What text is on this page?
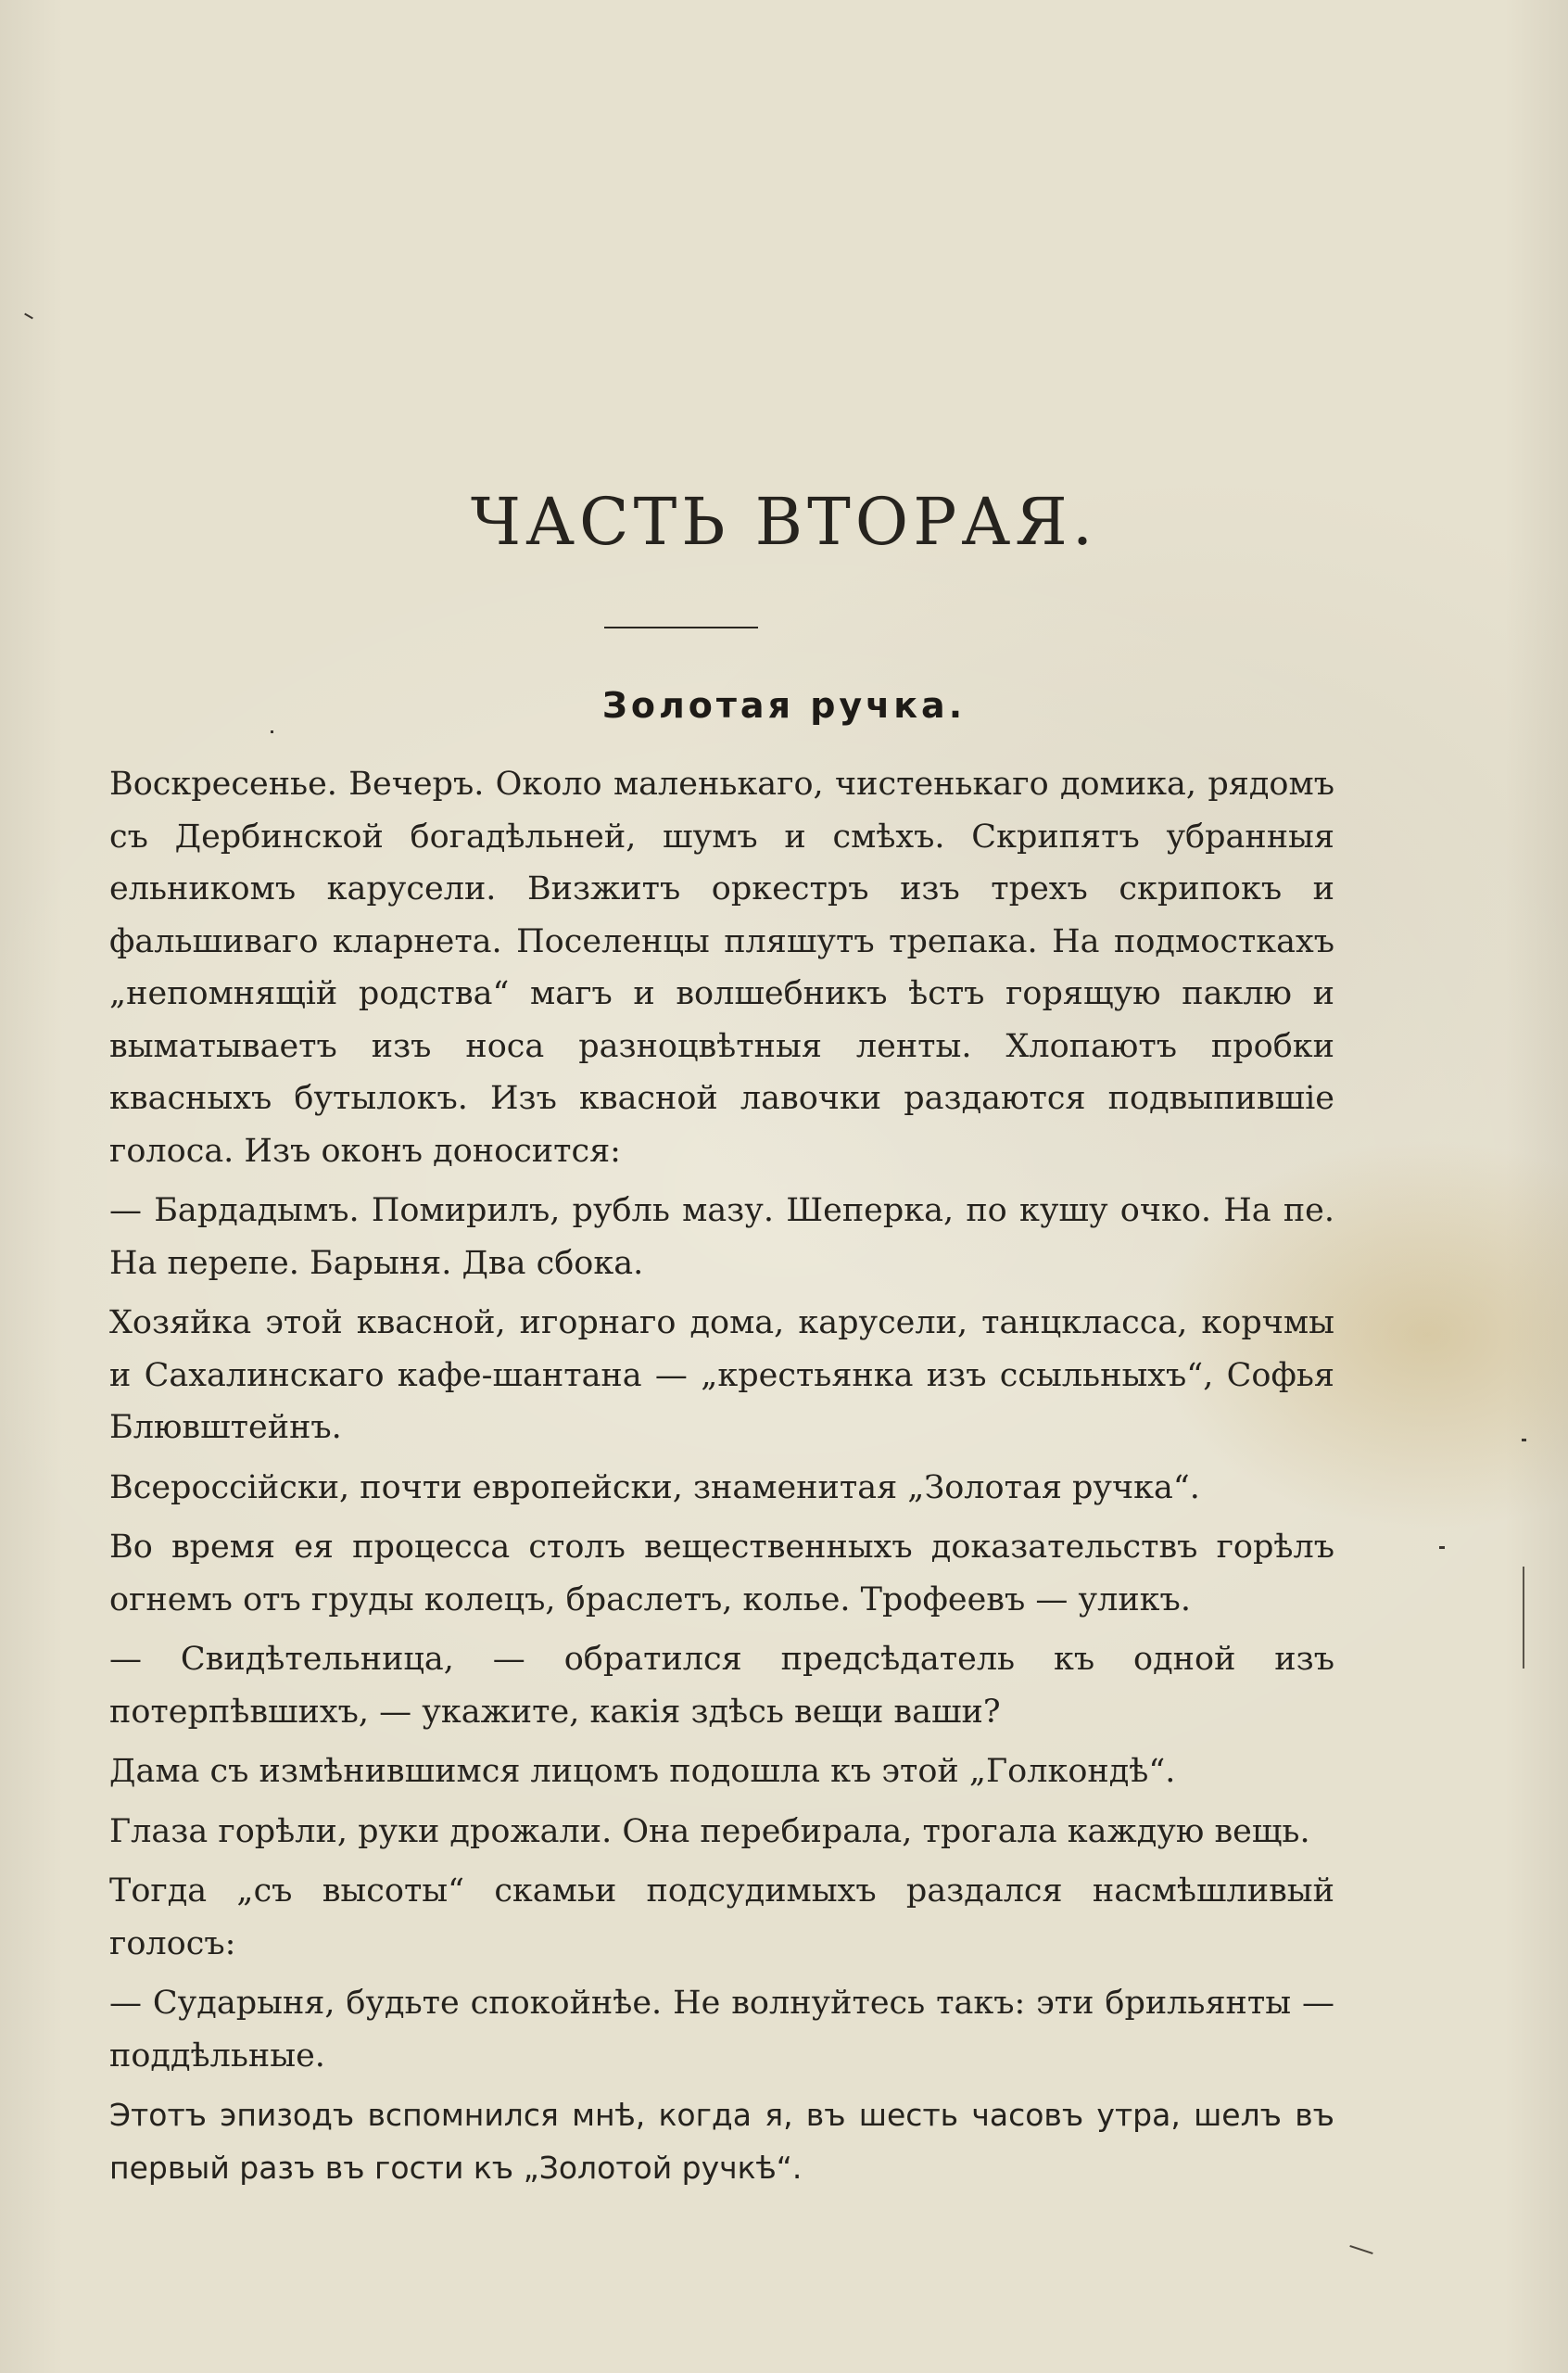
ЧАСТЬ ВТОРАЯ.
Золотая ручка.

Воскресенье. Вечеръ. Около маленькаго, чистенькаго домика, рядомъ съ Дербинской богадѣльней, шумъ и смѣхъ. Скрипятъ убранныя ельникомъ карусели. Визжитъ оркестръ изъ трехъ скрипокъ и фальшиваго кларнета. Поселенцы пляшутъ трепака. На подмосткахъ „непомнящій родства“ магъ и волшебникъ ѣстъ горящую паклю и выматываетъ изъ носа разноцвѣтныя ленты. Хлопаютъ пробки квасныхъ бутылокъ. Изъ квасной лавочки раздаются подвыпившіе голоса. Изъ оконъ доносится:

— Бардадымъ. Помирилъ, рубль мазу. Шеперка, по кушу очко. На пе. На перепе. Барыня. Два сбока.

Хозяйка этой квасной, игорнаго дома, карусели, танцкласса, корчмы и Сахалинскаго кафе-шантана — „крестьянка изъ ссыльныхъ“, Софья Блювштейнъ.

Всероссійски, почти европейски, знаменитая „Золотая ручка“.

Во время ея процесса столъ вещественныхъ доказательствъ горѣлъ огнемъ отъ груды колецъ, браслетъ, колье. Трофеевъ — уликъ.

— Свидѣтельница, — обратился предсѣдатель къ одной изъ потерпѣвшихъ, — укажите, какія здѣсь вещи ваши?

Дама съ измѣнившимся лицомъ подошла къ этой „Голкондѣ“.

Глаза горѣли, руки дрожали. Она перебирала, трогала каждую вещь.

Тогда „съ высоты“ скамьи подсудимыхъ раздался насмѣшливый голосъ:

— Сударыня, будьте спокойнѣе. Не волнуйтесь такъ: эти брильянты — поддѣльные.

Этотъ эпизодъ вспомнился мнѣ, когда я, въ шесть часовъ утра, шелъ въ первый разъ въ гости къ „Золотой ручкѣ“.
